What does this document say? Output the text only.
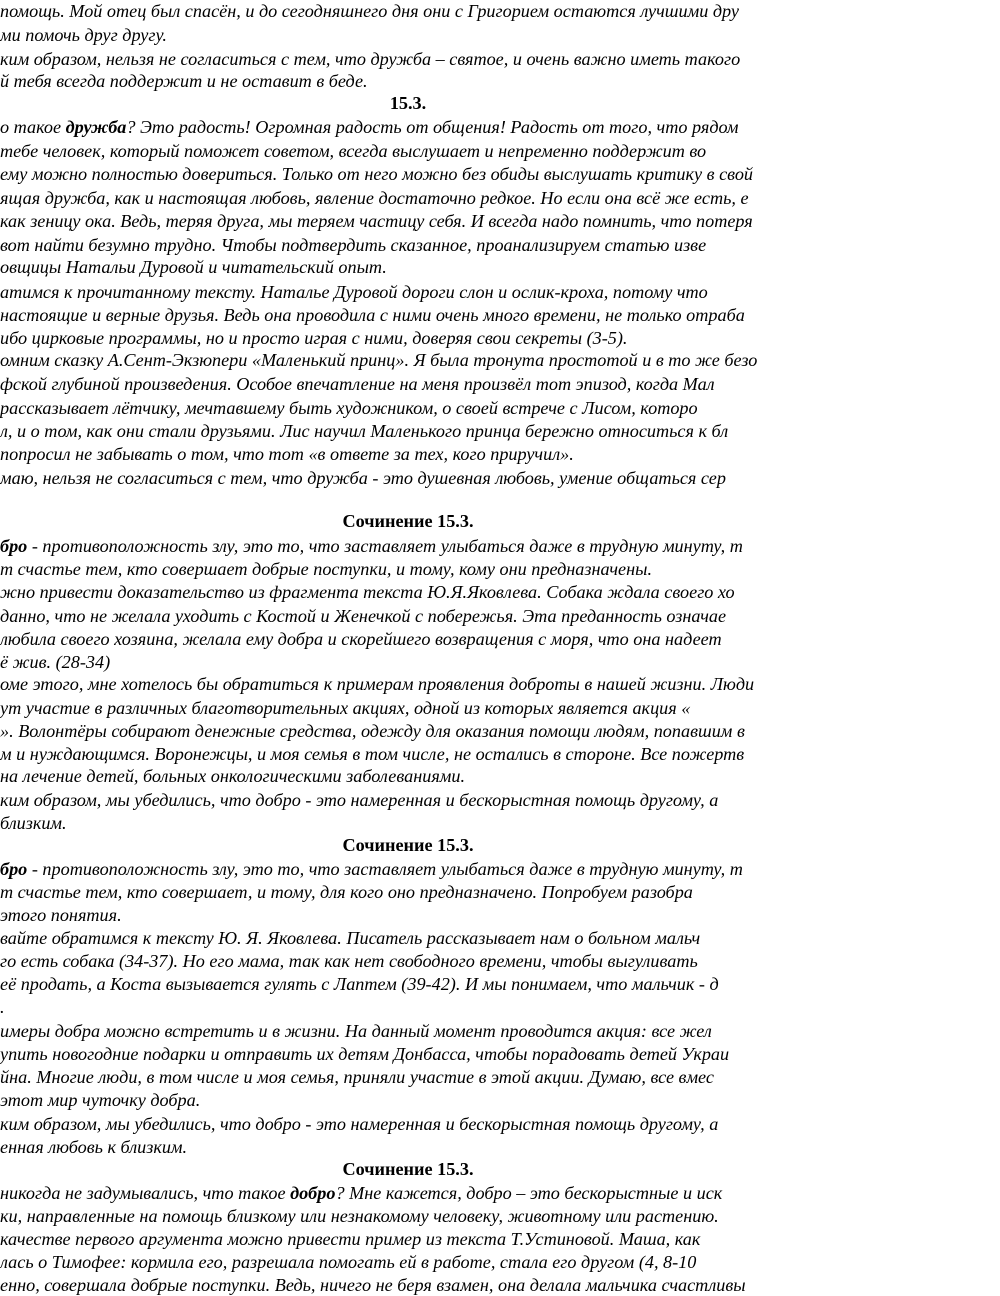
помощь. Мой отец был спасён, и до сегодняшнего дня они с Григорием остаются лучшими дру
ми помочь друг другу.
ким образом, нельзя не согласиться с тем, что дружба – святое, и очень важно иметь такого
й тебя всегда поддержит и не оставит в беде.
15.3.
о такое дружба? Это радость! Огромная радость от общения! Радость от того, что рядом
тебе человек, который поможет советом, всегда выслушает и непременно поддержит во
ему можно полностью довериться. Только от него можно без обиды выслушать критику в свой
ящая дружба, как и настоящая любовь, явление достаточно редкое. Но если она всё же есть, е
как зеницу ока. Ведь, теряя друга, мы теряем частицу себя. И всегда надо помнить, что потеря
вот найти безумно трудно. Чтобы подтвердить сказанное, проанализируем статью изве
овщицы Натальи Дуровой и читательский опыт.
атимся к прочитанному тексту. Наталье Дуровой дороги слон и ослик-кроха, потому что
настоящие и верные друзья. Ведь она проводила с ними очень много времени, не только отраба
ибо цирковые программы, но и просто играя с ними, доверяя свои секреты (3-5).
омним сказку А.Сент-Экзюпери «Маленький принц». Я была тронута простотой и в то же безо
фской глубиной произведения. Особое впечатление на меня произвёл тот эпизод, когда Мал
рассказывает лётчику, мечтавшему быть художником, о своей встрече с Лисом, которо
л, и о том, как они стали друзьями. Лис научил Маленького принца бережно относиться к бл
попросил не забывать о том, что тот «в ответе за тех, кого приручил».
маю, нельзя не согласиться с тем, что дружба - это душевная любовь, умение общаться сер
Сочинение 15.3.
бро - противоположность злу, это то, что заставляет улыбаться даже в трудную минуту, т
т счастье тем, кто совершает добрые поступки, и тому, кому они предназначены.
жно привести доказательство из фрагмента текста Ю.Я.Яковлева. Собака ждала своего хо
данно, что не желала уходить с Костой и Женечкой с побережья. Эта преданность означае
любила своего хозяина, желала ему добра и скорейшего возвращения с моря, что она надеет
ё жив. (28-34)
оме этого, мне хотелось бы обратиться к примерам проявления доброты в нашей жизни. Люди
ут участие в различных благотворительных акциях, одной из которых является акция «
». Волонтёры собирают денежные средства, одежду для оказания помощи людям, попавшим в
м и нуждающимся. Воронежцы, и моя семья в том числе, не остались в стороне. Все пожертв
на лечение детей, больных онкологическими заболеваниями.
ким образом, мы убедились, что добро - это намеренная и бескорыстная помощь другому, а
близким.
Сочинение 15.3.
бро - противоположность злу, это то, что заставляет улыбаться даже в трудную минуту, т
т счастье тем, кто совершает, и тому, для кого оно предназначено. Попробуем разобра
этого понятия.
вайте обратимся к тексту Ю. Я. Яковлева. Писатель рассказывает нам о больном мальч
го есть собака (34-37). Но его мама, так как нет свободного времени, чтобы выгуливать
её продать, а Коста вызывается гулять с Лаптем (39-42). И мы понимаем, что мальчик - д
.
имеры добра можно встретить и в жизни. На данный момент проводится акция: все жел
упить новогодние подарки и отправить их детям Донбасса, чтобы порадовать детей Украи
йна. Многие люди, в том числе и моя семья, приняли участие в этой акции. Думаю, все вмес
этот мир чуточку добра.
ким образом, мы убедились, что добро - это намеренная и бескорыстная помощь другому, а
енная любовь к близким.
Сочинение 15.3.
никогда не задумывались, что такое добро? Мне кажется, добро – это бескорыстные и иск
ки, направленные на помощь близкому или незнакомому человеку, животному или растению.
качестве первого аргумента можно привести пример из текста Т.Устиновой. Маша, как
лась о Тимофее: кормила его, разрешала помогать ей в работе, стала его другом (4, 8-10
енно, совершала добрые поступки. Ведь, ничего не беря взамен, она делала мальчика счастливы
